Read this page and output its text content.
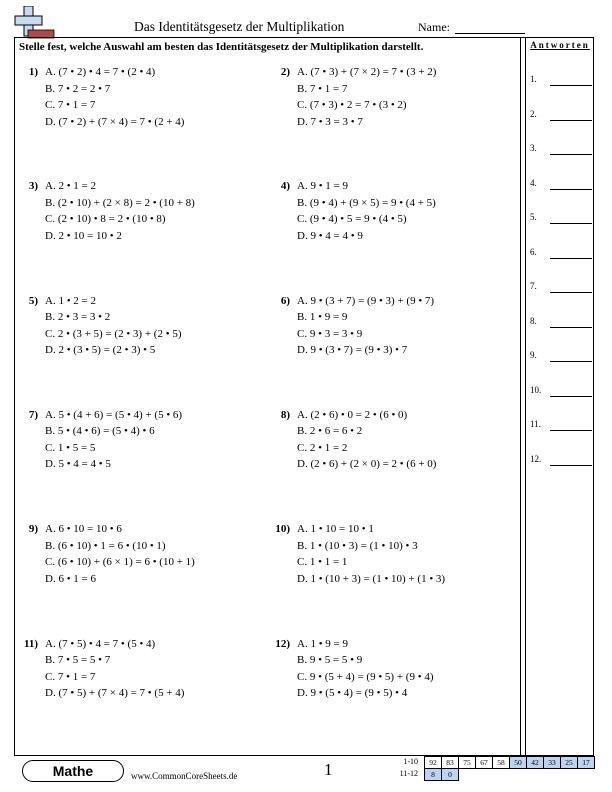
Das Identitätsgesetz der Multiplikation	Name:
Stelle fest, welche Auswahl am besten das Identitätsgesetz der Multiplikation darstellt.	Antworten
1.
2.
3.
4.
5.
6.
7.
8.
9.
10.
11.
12.
1) A. (7 • 2) • 4 = 7 • (2 • 4)
B. 7 • 2 = 2 • 7
C. 7 • 1 = 7
D. (7 • 2) + (7 × 4) = 7 • (2 + 4)
2) A. (7 • 3) + (7 × 2) = 7 • (3 + 2)
B. 7 • 1 = 7
C. (7 • 3) • 2 = 7 • (3 • 2)
D. 7 • 3 = 3 • 7
3) A. 2 • 1 = 2
B. (2 • 10) + (2 × 8) = 2 • (10 + 8)
C. (2 • 10) • 8 = 2 • (10 • 8)
D. 2 • 10 = 10 • 2
4) A. 9 • 1 = 9
B. (9 • 4) + (9 × 5) = 9 • (4 + 5)
C. (9 • 4) • 5 = 9 • (4 • 5)
D. 9 • 4 = 4 • 9
5) A. 1 • 2 = 2
B. 2 • 3 = 3 • 2
C. 2 • (3 + 5) = (2 • 3) + (2 • 5)
D. 2 • (3 • 5) = (2 • 3) • 5
6) A. 9 • (3 + 7) = (9 • 3) + (9 • 7)
B. 1 • 9 = 9
C. 9 • 3 = 3 • 9
D. 9 • (3 • 7) = (9 • 3) • 7
7) A. 5 • (4 + 6) = (5 • 4) + (5 • 6)
B. 5 • (4 • 6) = (5 • 4) • 6
C. 1 • 5 = 5
D. 5 • 4 = 4 • 5
8) A. (2 • 6) • 0 = 2 • (6 • 0)
B. 2 • 6 = 6 • 2
C. 2 • 1 = 2
D. (2 • 6) + (2 × 0) = 2 • (6 + 0)
9) A. 6 • 10 = 10 • 6
B. (6 • 10) • 1 = 6 • (10 • 1)
C. (6 • 10) + (6 × 1) = 6 • (10 + 1)
D. 6 • 1 = 6
10) A. 1 • 10 = 10 • 1
B. 1 • (10 • 3) = (1 • 10) • 3
C. 1 • 1 = 1
D. 1 • (10 + 3) = (1 • 10) + (1 • 3)
11) A. (7 • 5) • 4 = 7 • (5 • 4)
B. 7 • 5 = 5 • 7
C. 7 • 1 = 7
D. (7 • 5) + (7 × 4) = 7 • (5 + 4)
12) A. 1 • 9 = 9
B. 9 • 5 = 5 • 9
C. 9 • (5 + 4) = (9 • 5) + (9 • 4)
D. 9 • (5 • 4) = (9 • 5) • 4
Mathe	www.CommonCoreSheets.de	1	1-10	92	83	75	67	58	50	42	33	25	17
11-12	8	0
